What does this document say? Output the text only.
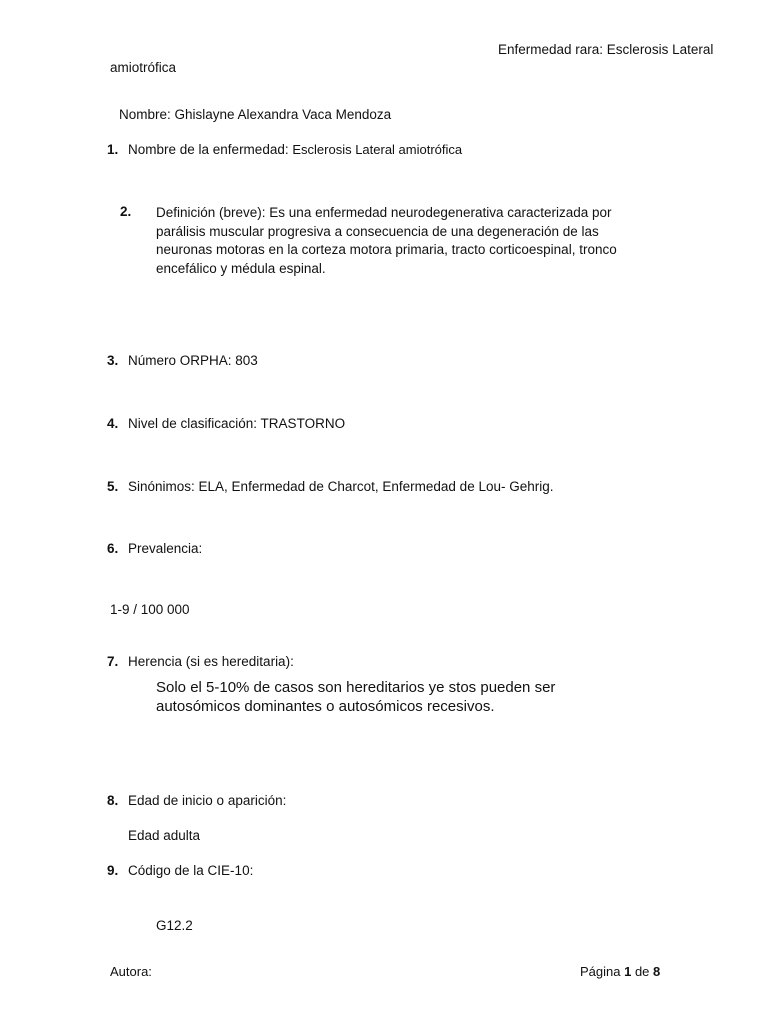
Enfermedad rara: Esclerosis Lateral
amiotrófica
Nombre: Ghislayne Alexandra Vaca Mendoza
1. Nombre de la enfermedad: Esclerosis Lateral amiotrófica
2.	Definición (breve): Es una enfermedad neurodegenerativa caracterizada por parálisis muscular progresiva a consecuencia de una degeneración de las neuronas motoras en la corteza motora primaria, tracto corticoespinal, tronco encefálico y médula espinal.
3. Número ORPHA: 803
4. Nivel de clasificación: TRASTORNO
5. Sinónimos: ELA, Enfermedad de Charcot, Enfermedad de Lou- Gehrig.
6. Prevalencia:
1-9 / 100 000
7. Herencia (si es hereditaria):
Solo el 5-10% de casos son hereditarios ye stos pueden ser autosómicos dominantes o autosómicos recesivos.
8. Edad de inicio o aparición:
Edad adulta
9. Código de la CIE-10:
G12.2
Autora:	Página 1 de 8
